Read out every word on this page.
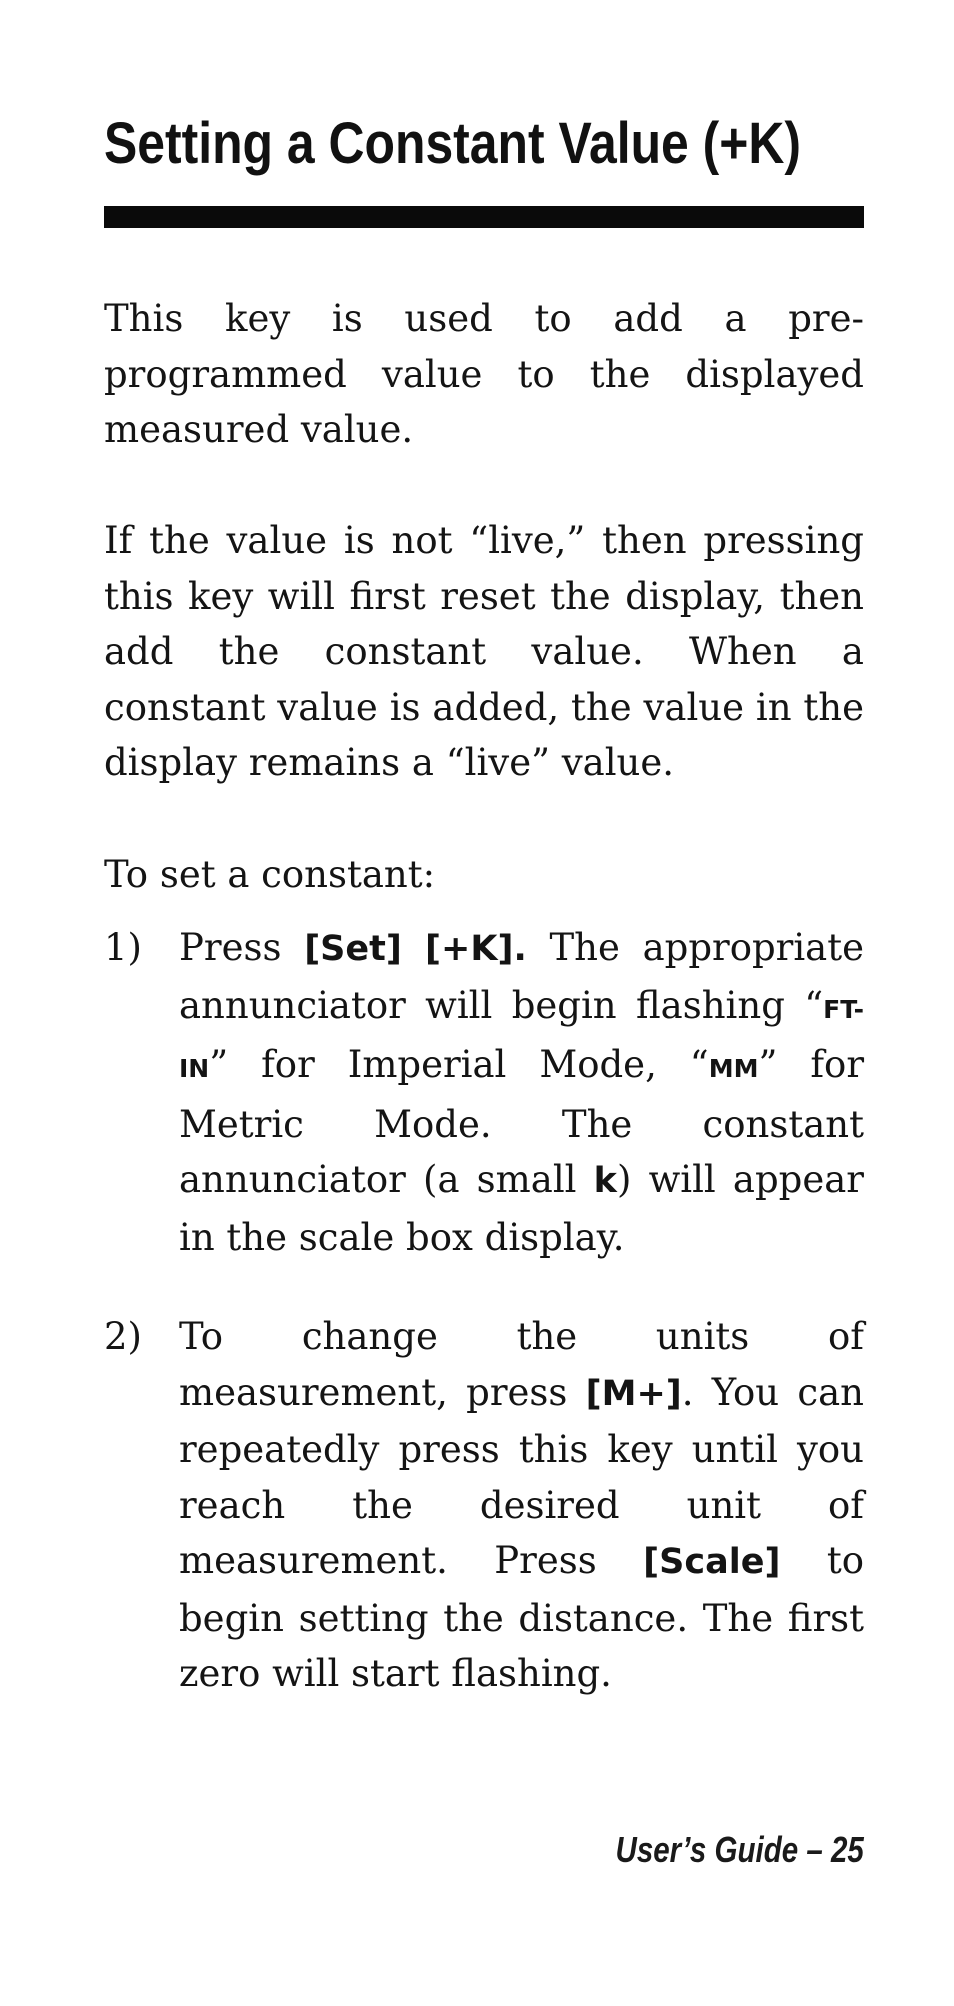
Setting a Constant Value (+K)

This key is used to add a pre-programmed value to the displayed measured value.

If the value is not “live,” then pressing this key will first reset the display, then add the constant value. When a constant value is added, the value in the display remains a “live” value.

To set a constant:

1) Press [Set] [+K]. The appropriate annunciator will begin flashing “FT-IN” for Imperial Mode, “MM” for Metric Mode. The constant annunciator (a small k) will appear in the scale box display.

2) To change the units of measurement, press [M+]. You can repeatedly press this key until you reach the desired unit of measurement. Press [Scale] to begin setting the distance. The first zero will start flashing.

User’s Guide – 25
